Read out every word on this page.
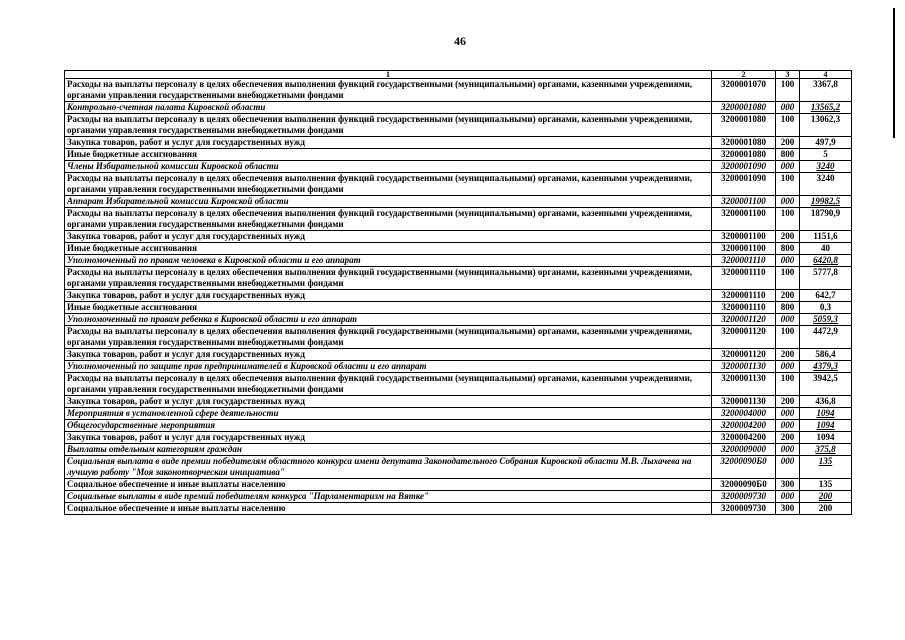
46
1	2	3	4
Расходы на выплаты персоналу в целях обеспечения выполнения функций государственными (муниципальными) органами, казенными учреждениями, органами управления государственными внебюджетными фондами	3200001070	100	3367,8
Контрольно-счетная палата Кировской области	3200001080	000	13565,2
Расходы на выплаты персоналу в целях обеспечения выполнения функций государственными (муниципальными) органами, казенными учреждениями, органами управления государственными внебюджетными фондами	3200001080	100	13062,3
Закупка товаров, работ и услуг для государственных нужд	3200001080	200	497,9
Иные бюджетные ассигнования	3200001080	800	5
Члены Избирательной комиссии Кировской области	3200001090	000	3240
Расходы на выплаты персоналу в целях обеспечения выполнения функций государственными (муниципальными) органами, казенными учреждениями, органами управления государственными внебюджетными фондами	3200001090	100	3240
Аппарат Избирательной комиссии Кировской области	3200001100	000	19982,5
Расходы на выплаты персоналу в целях обеспечения выполнения функций государственными (муниципальными) органами, казенными учреждениями, органами управления государственными внебюджетными фондами	3200001100	100	18790,9
Закупка товаров, работ и услуг для государственных нужд	3200001100	200	1151,6
Иные бюджетные ассигнования	3200001100	800	40
Уполномоченный по правам человека в Кировской области и его аппарат	3200001110	000	6420,8
Расходы на выплаты персоналу в целях обеспечения выполнения функций государственными (муниципальными) органами, казенными учреждениями, органами управления государственными внебюджетными фондами	3200001110	100	5777,8
Закупка товаров, работ и услуг для государственных нужд	3200001110	200	642,7
Иные бюджетные ассигнования	3200001110	800	0,3
Уполномоченный по правам ребенка в Кировской области и его аппарат	3200001120	000	5059,3
Расходы на выплаты персоналу в целях обеспечения выполнения функций государственными (муниципальными) органами, казенными учреждениями, органами управления государственными внебюджетными фондами	3200001120	100	4472,9
Закупка товаров, работ и услуг для государственных нужд	3200001120	200	586,4
Уполномоченный по защите прав предпринимателей в Кировской области и его аппарат	3200001130	000	4379,3
Расходы на выплаты персоналу в целях обеспечения выполнения функций государственными (муниципальными) органами, казенными учреждениями, органами управления государственными внебюджетными фондами	3200001130	100	3942,5
Закупка товаров, работ и услуг для государственных нужд	3200001130	200	436,8
Мероприятия в установленной сфере деятельности	3200004000	000	1094
Общегосударственные мероприятия	3200004200	000	1094
Закупка товаров, работ и услуг для государственных нужд	3200004200	200	1094
Выплаты отдельным категориям граждан	3200009000	000	375,8
Социальная выплата в виде премии победителям областного конкурса имени депутата Законодательного Собрания Кировской области М.В. Лыхачева на лучшую работу "Моя законотворческая инициатива"	32000090Б0	000	135
Социальное обеспечение и иные выплаты населению	32000090Б0	300	135
Социальные выплаты в виде премий победителям конкурса "Парламентаризм на Вятке"	3200009730	000	200
Социальное обеспечение и иные выплаты населению	3200009730	300	200
